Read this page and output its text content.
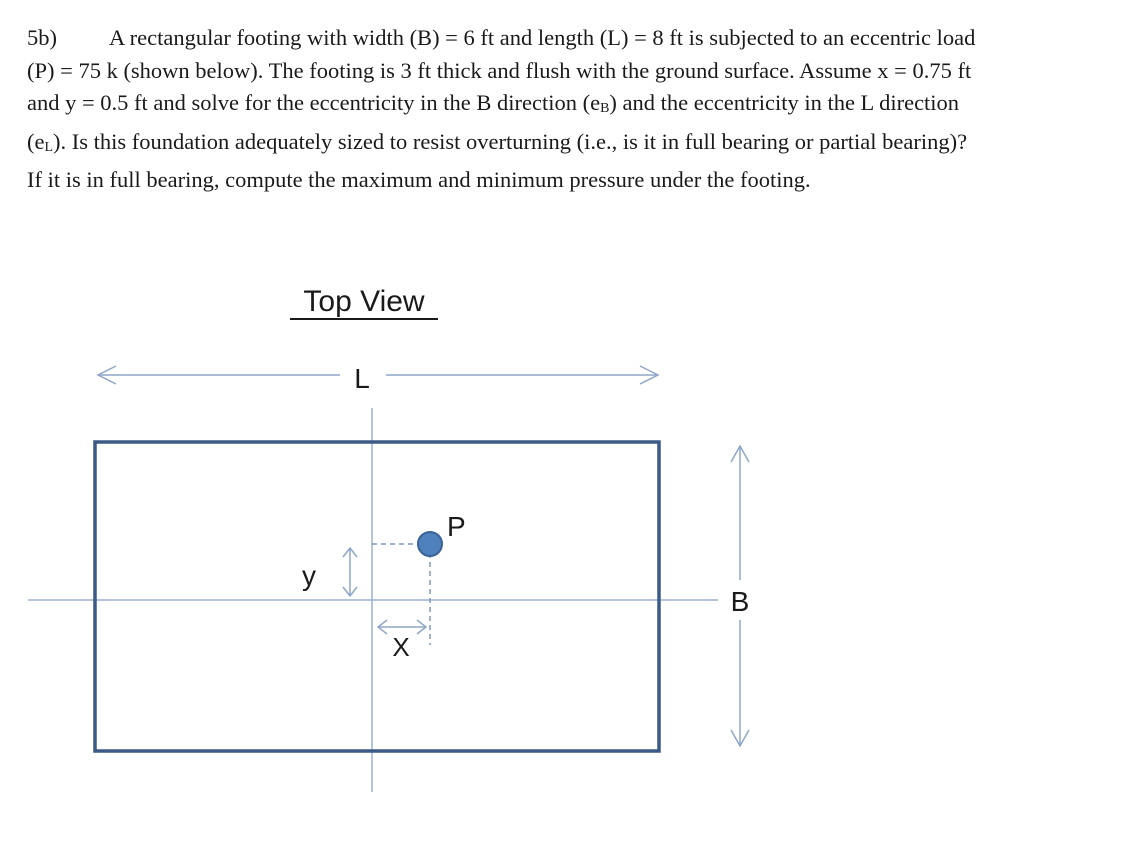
5b) A rectangular footing with width (B) = 6 ft and length (L) = 8 ft is subjected to an eccentric load
(P) = 75 k (shown below). The footing is 3 ft thick and flush with the ground surface. Assume x = 0.75 ft
and y = 0.5 ft and solve for the eccentricity in the B direction $(e_B)$ and the eccentricity in the L direction
$(e_L)$. Is this foundation adequately sized to resist overturning (i.e., is it in full bearing or partial bearing)?
If it is in full bearing, compute the maximum and minimum pressure under the footing.
Top View
L
P
y
X
B
